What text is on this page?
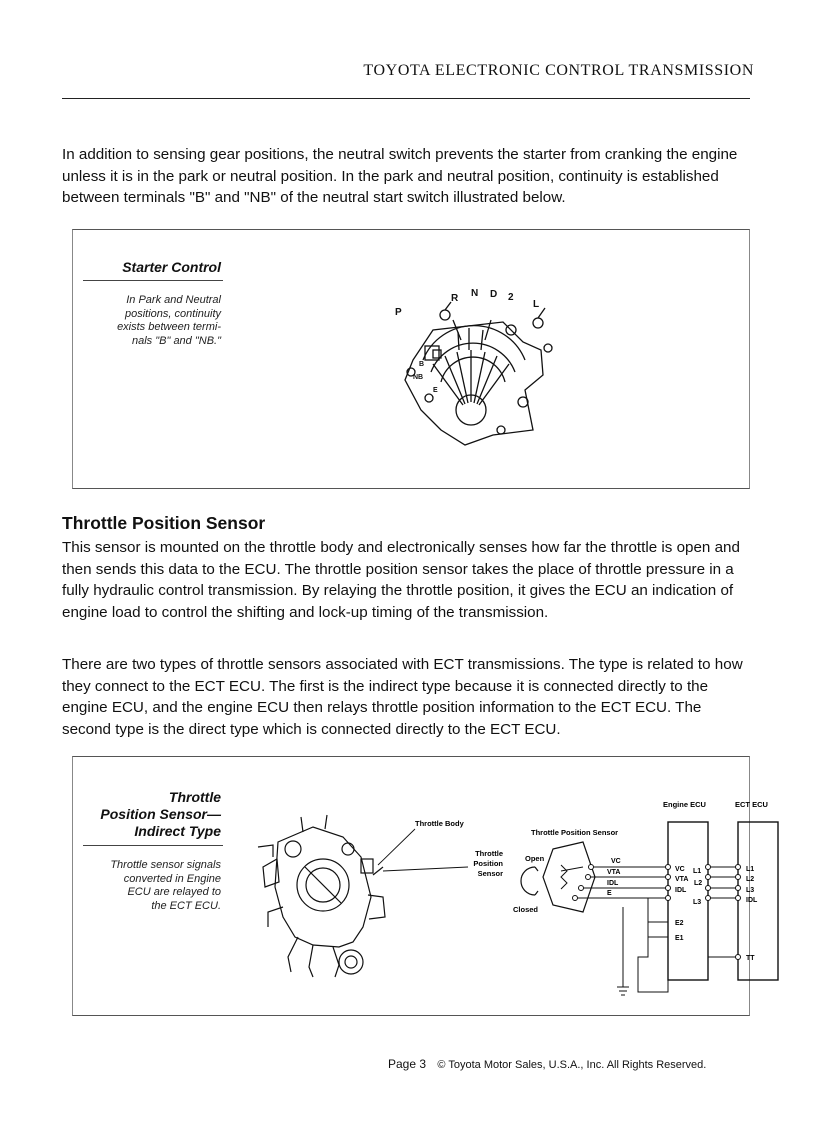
TOYOTA ELECTRONIC CONTROL TRANSMISSION

In addition to sensing gear positions, the neutral switch prevents the starter from cranking the engine unless it is in the park or neutral position. In the park and neutral position, continuity is established between terminals "B" and "NB" of the neutral start switch illustrated below.

Starter Control
In Park and Neutral
positions, continuity
exists between termi-
nals "B" and "NB."
P
R N D 2
L
B
NB
E
Throttle Position Sensor

This sensor is mounted on the throttle body and electronically senses how far the throttle is open and then sends this data to the ECU. The throttle position sensor takes the place of throttle pressure in a fully hydraulic control transmission. By relaying the throttle position, it gives the ECU an indication of engine load to control the shifting and lock-up timing of the transmission.

There are two types of throttle sensors associated with ECT transmissions. The type is related to how they connect to the ECT ECU. The first is the indirect type because it is connected directly to the engine ECU, and the engine ECU then relays throttle position information to the ECT ECU. The second type is the direct type which is connected directly to the ECT ECU.

Throttle
Position Sensor—
Indirect Type
Throttle sensor signals
converted in Engine
ECU are relayed to
the ECT ECU.
Throttle Body
Throttle
Position
Sensor
Throttle Position Sensor
Open
Closed
Engine ECU	ECT ECU
VC
VTA
IDL
E
VC
VTA
IDL
E2
E1
L1
L2
L3
L1
L2
L3
IDL
TT
Page 3 © Toyota Motor Sales, U.S.A., Inc. All Rights Reserved.
